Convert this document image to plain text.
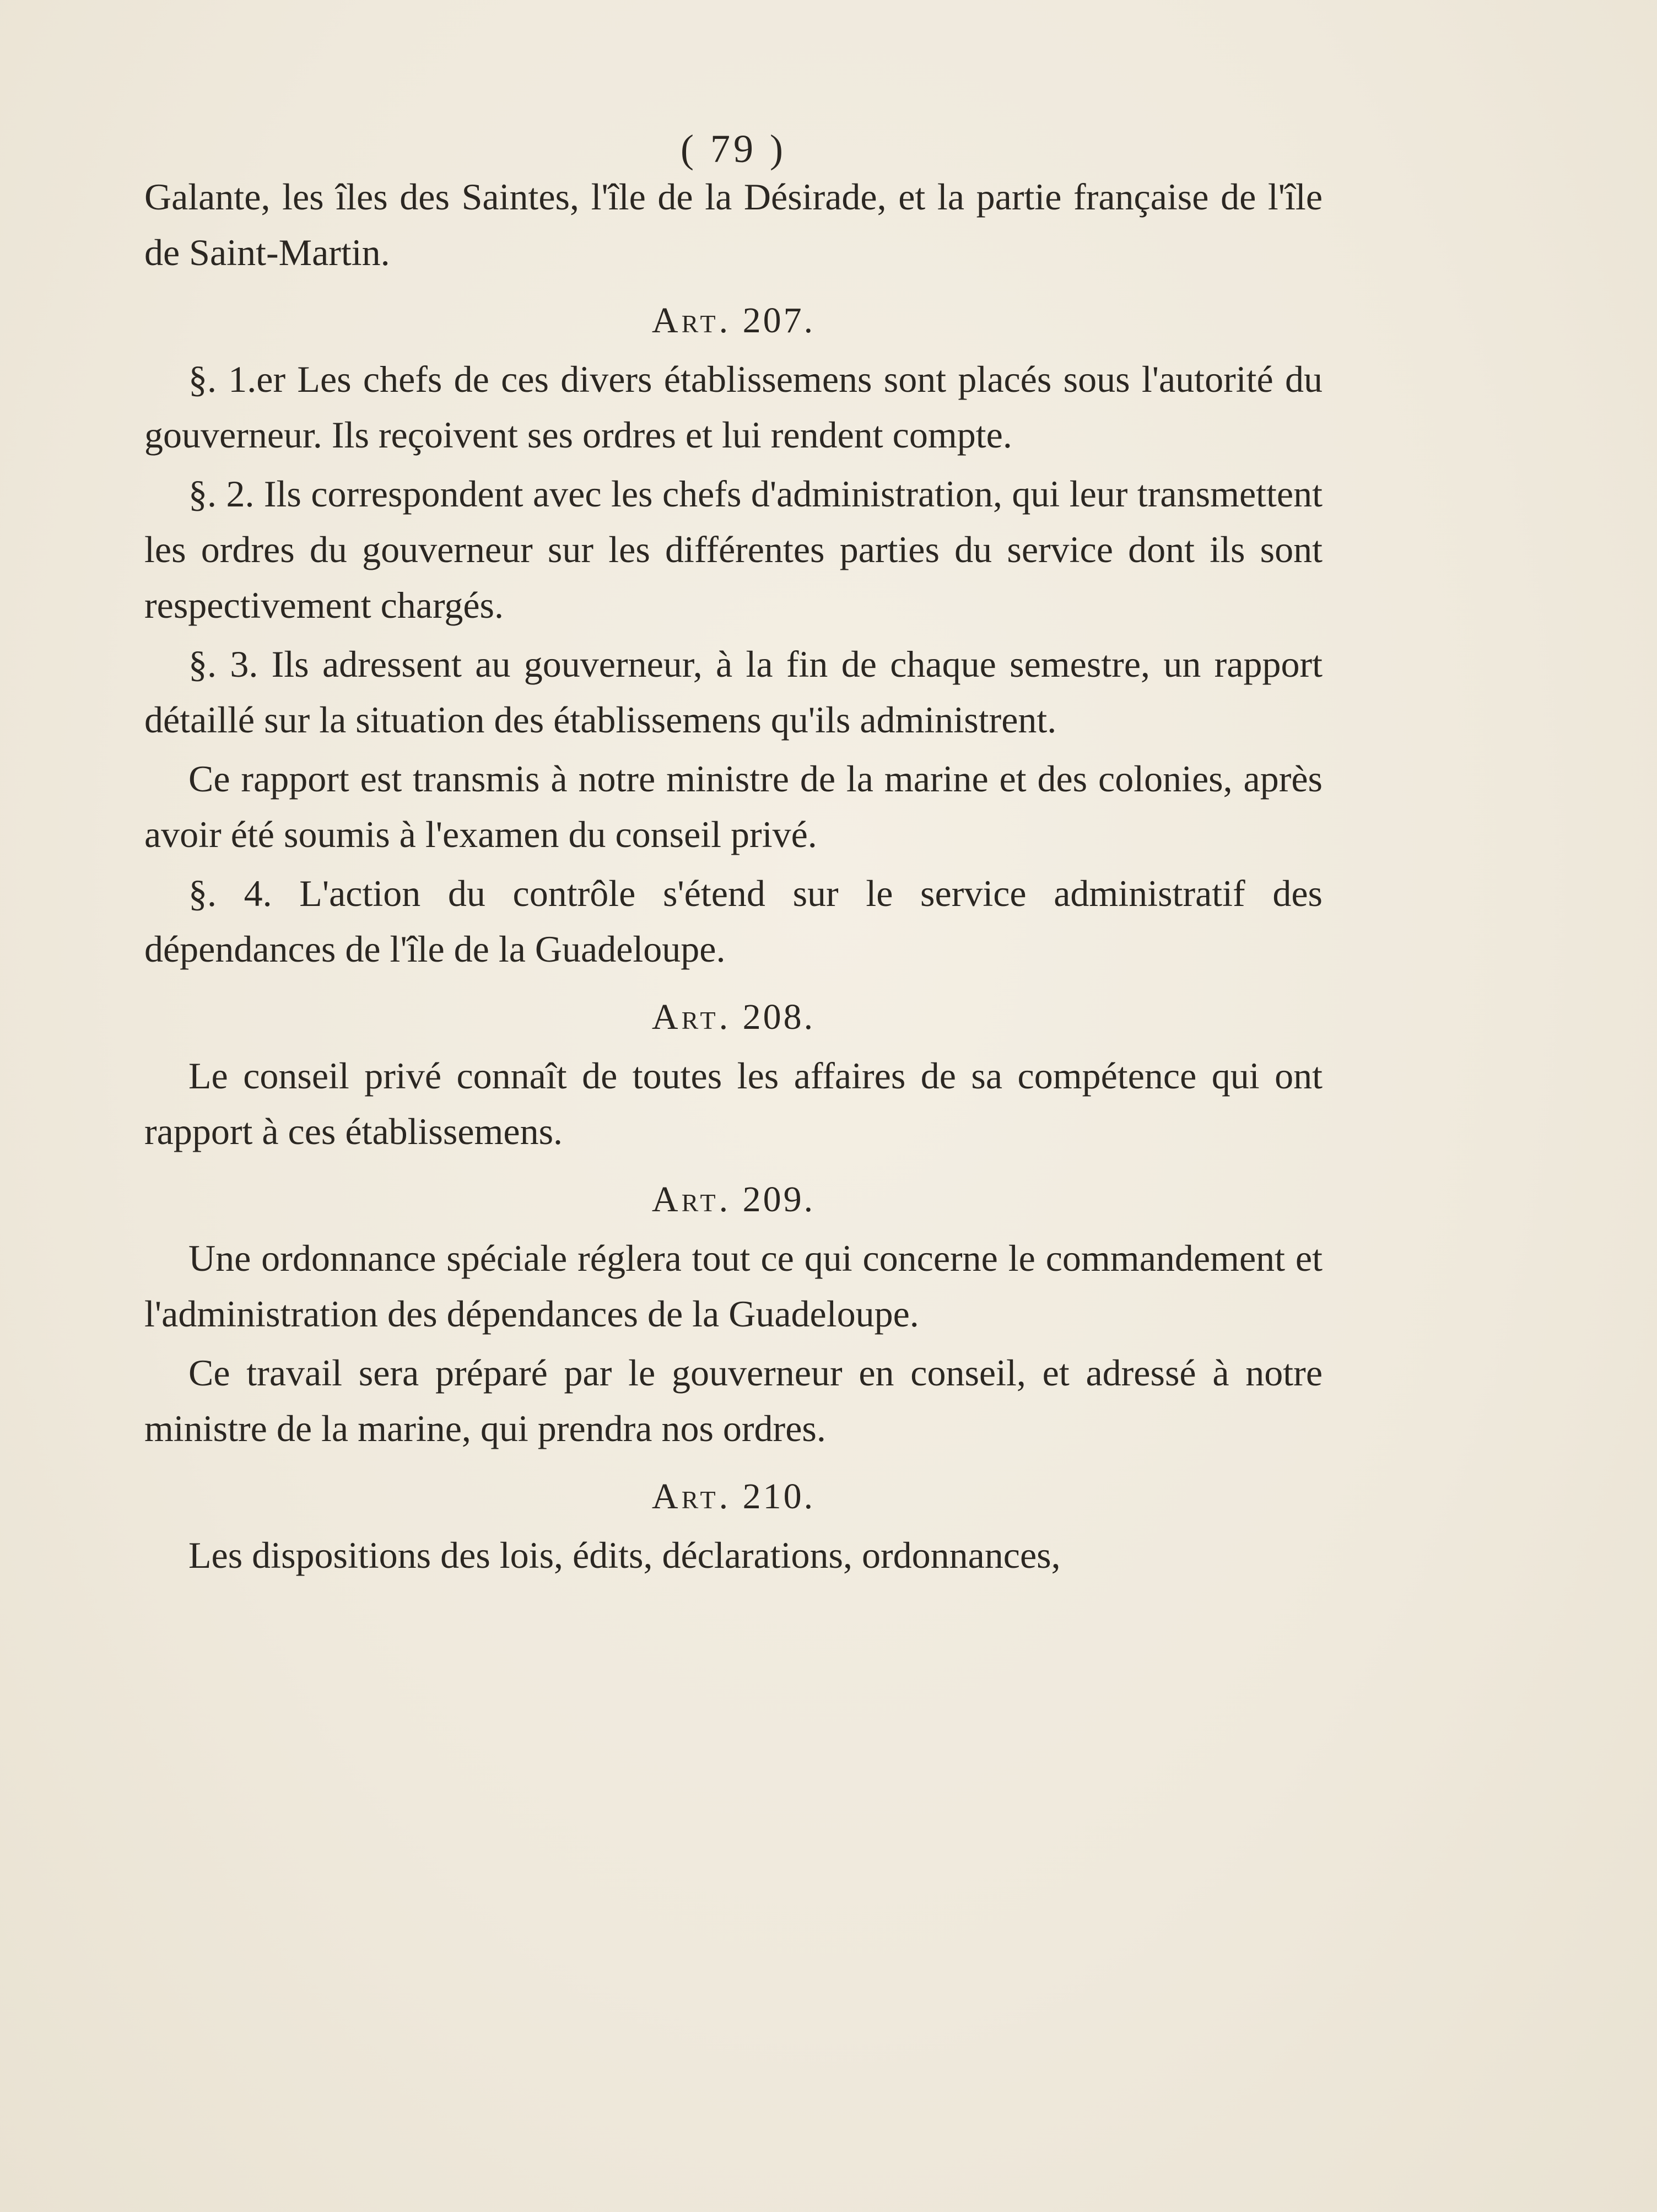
( 79 )

Galante, les îles des Saintes, l'île de la Désirade, et la partie française de l'île de Saint-Martin.

Art. 207.

§. 1.er Les chefs de ces divers établissemens sont placés sous l'autorité du gouverneur. Ils reçoivent ses ordres et lui rendent compte.

§. 2. Ils correspondent avec les chefs d'administration, qui leur transmettent les ordres du gouverneur sur les différentes parties du service dont ils sont respectivement chargés.

§. 3. Ils adressent au gouverneur, à la fin de chaque semestre, un rapport détaillé sur la situation des établissemens qu'ils administrent.

Ce rapport est transmis à notre ministre de la marine et des colonies, après avoir été soumis à l'examen du conseil privé.

§. 4. L'action du contrôle s'étend sur le service administratif des dépendances de l'île de la Guadeloupe.

Art. 208.

Le conseil privé connaît de toutes les affaires de sa compétence qui ont rapport à ces établissemens.

Art. 209.

Une ordonnance spéciale réglera tout ce qui concerne le commandement et l'administration des dépendances de la Guadeloupe.

Ce travail sera préparé par le gouverneur en conseil, et adressé à notre ministre de la marine, qui prendra nos ordres.

Art. 210.

Les dispositions des lois, édits, déclarations, ordonnances,
